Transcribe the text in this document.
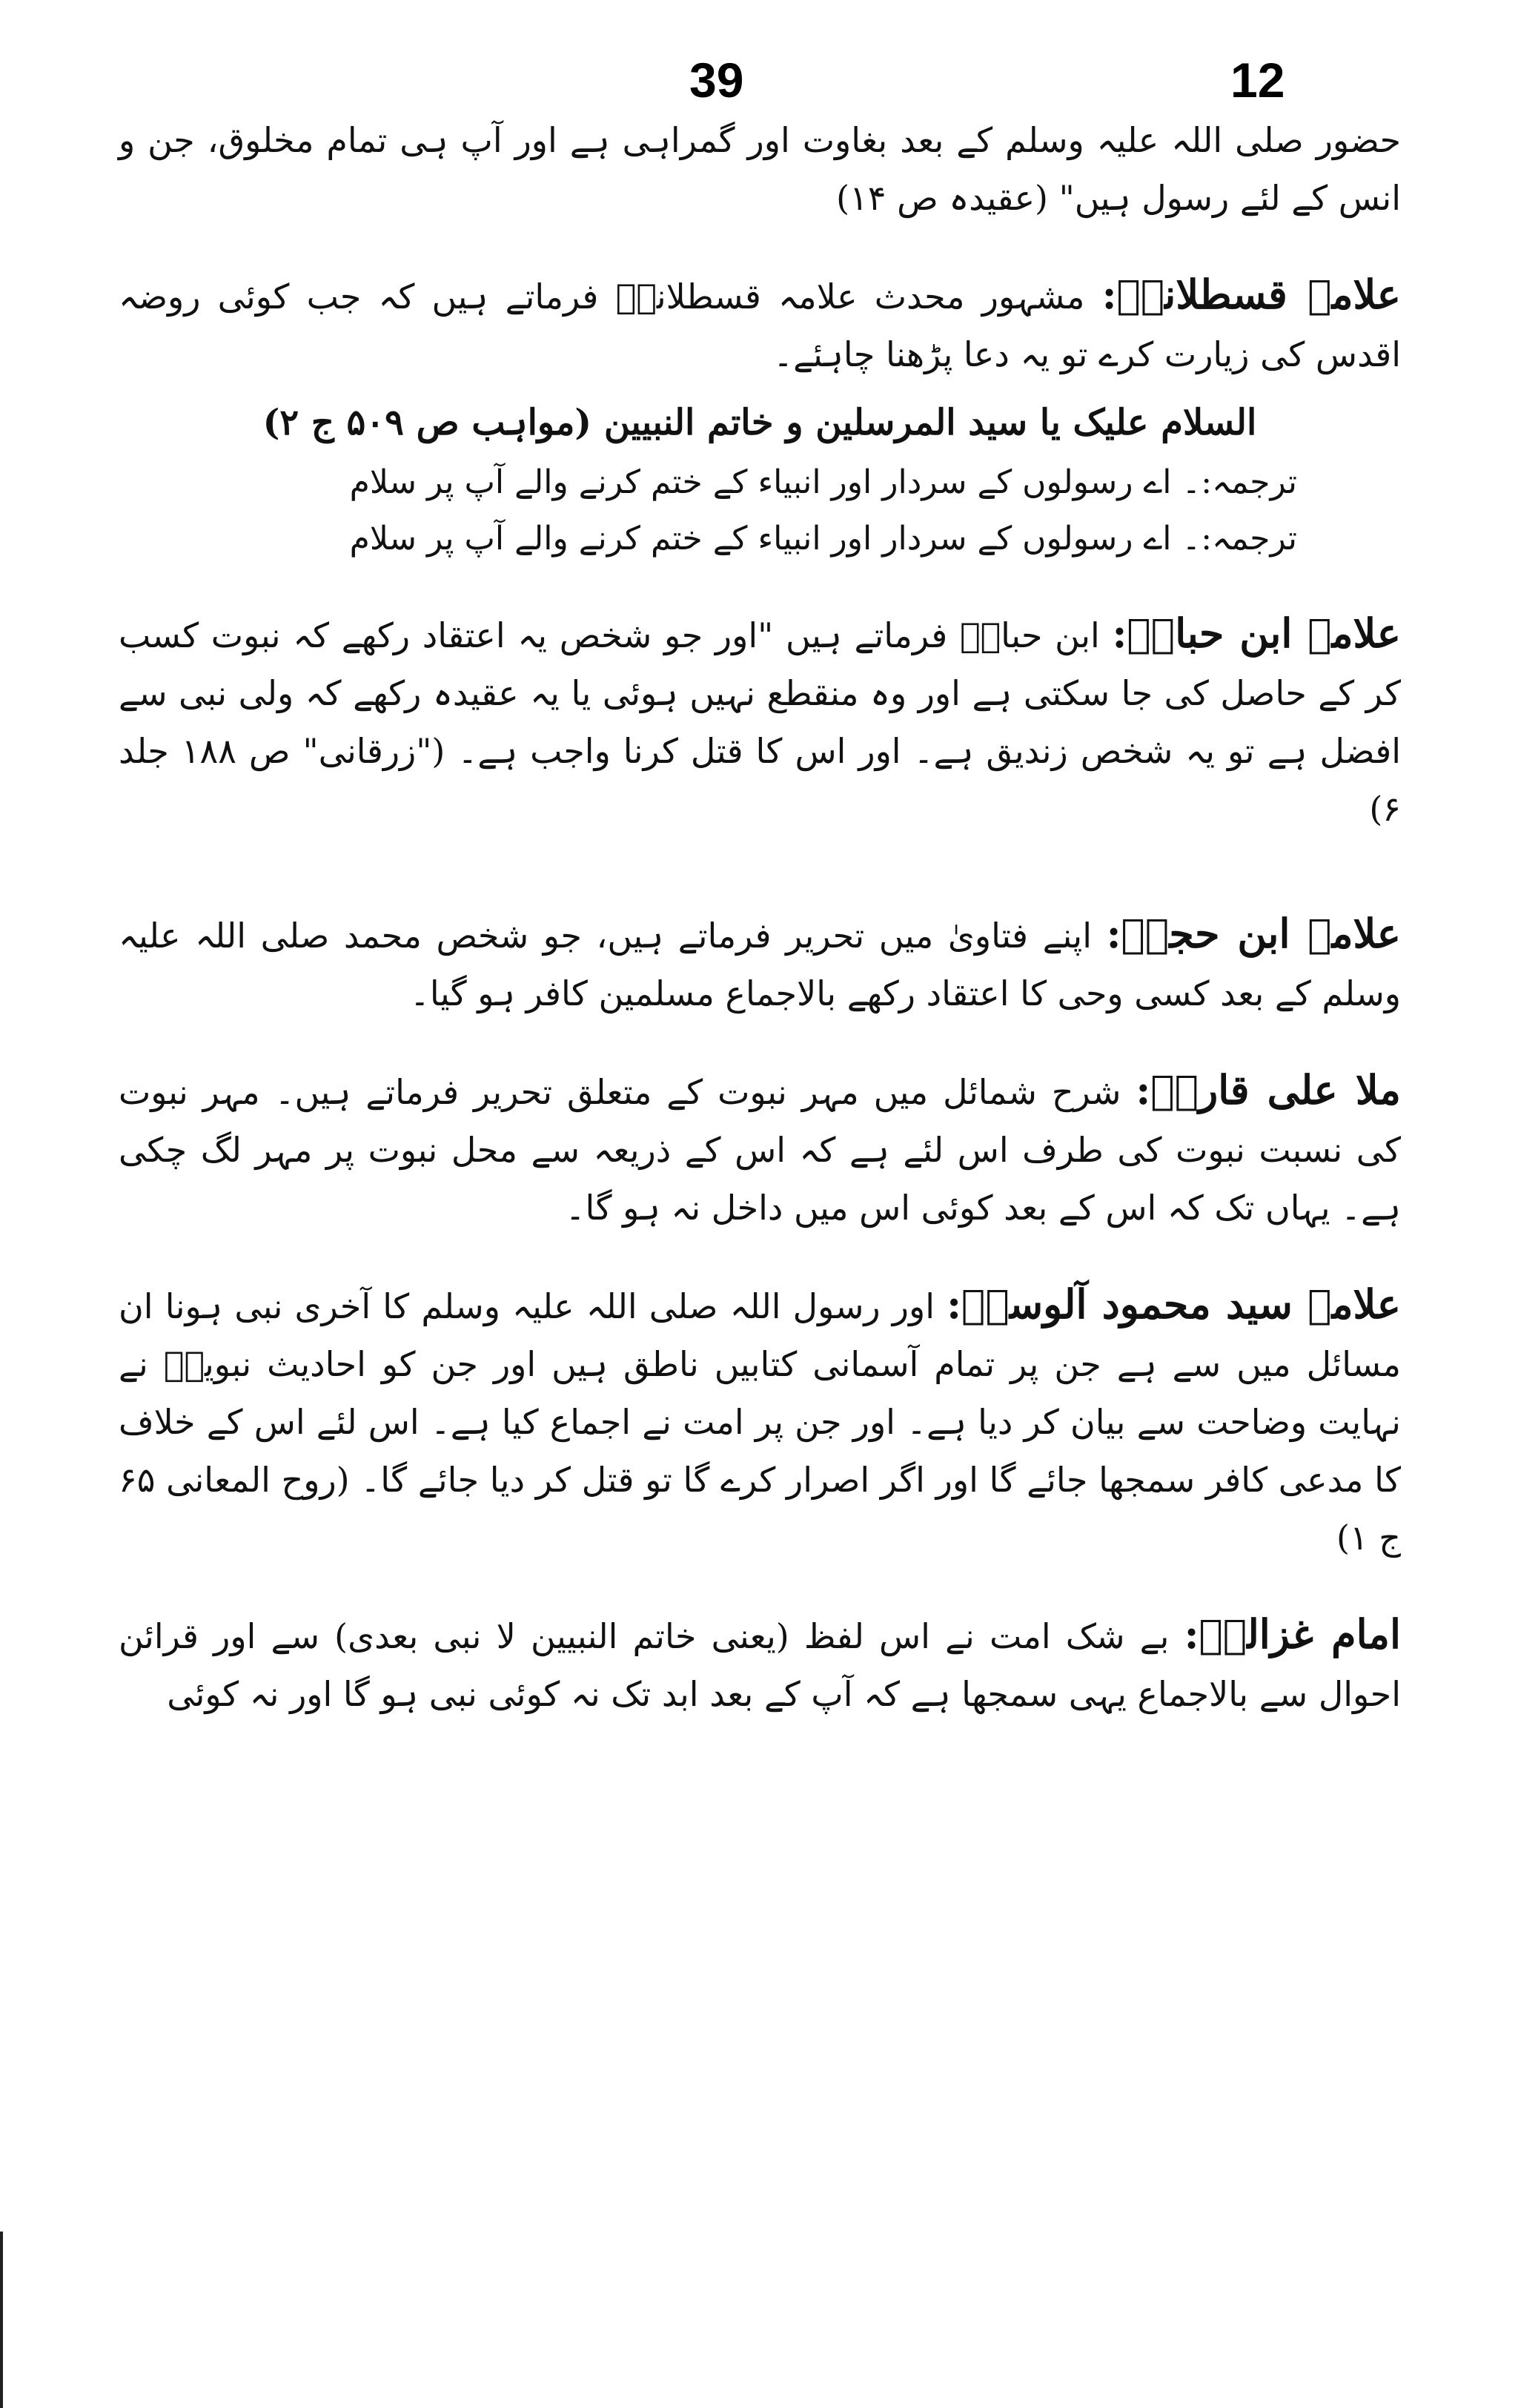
12
39

حضور صلی اللہ علیہ وسلم کے بعد بغاوت اور گمراہی ہے اور آپ ہی تمام مخلوق، جن و انس کے لئے رسول ہیں" (عقیدہ ص ۱۴)

علامہ قسطلانیؒ: مشہور محدث علامہ قسطلانیؒ فرماتے ہیں کہ جب کوئی روضہ اقدس کی زیارت کرے تو یہ دعا پڑھنا چاہئے۔

السلام علیک یا سید المرسلین و خاتم النبیین (مواہب ص ۵۰۹ ج ۲)

ترجمہ:۔ اے رسولوں کے سردار اور انبیاء کے ختم کرنے والے آپ پر سلام

ترجمہ:۔ اے رسولوں کے سردار اور انبیاء کے ختم کرنے والے آپ پر سلام

علامہ ابن حبانؒ: ابن حبانؒ فرماتے ہیں "اور جو شخص یہ اعتقاد رکھے کہ نبوت کسب کر کے حاصل کی جا سکتی ہے اور وہ منقطع نہیں ہوئی یا یہ عقیدہ رکھے کہ ولی نبی سے افضل ہے تو یہ شخص زندیق ہے۔ اور اس کا قتل کرنا واجب ہے۔ ("زرقانی" ص ۱۸۸ جلد ۶)

علامہ ابن حجرؒ: اپنے فتاویٰ میں تحریر فرماتے ہیں، جو شخص محمد صلی اللہ علیہ وسلم کے بعد کسی وحی کا اعتقاد رکھے بالاجماع مسلمین کافر ہو گیا۔

ملا علی قاریؒ: شرح شمائل میں مہر نبوت کے متعلق تحریر فرماتے ہیں۔ مہر نبوت کی نسبت نبوت کی طرف اس لئے ہے کہ اس کے ذریعہ سے محل نبوت پر مہر لگ چکی ہے۔ یہاں تک کہ اس کے بعد کوئی اس میں داخل نہ ہو گا۔

علامہ سید محمود آلوسیؒ: اور رسول اللہ صلی اللہ علیہ وسلم کا آخری نبی ہونا ان مسائل میں سے ہے جن پر تمام آسمانی کتابیں ناطق ہیں اور جن کو احادیث نبویہؐ نے نہایت وضاحت سے بیان کر دیا ہے۔ اور جن پر امت نے اجماع کیا ہے۔ اس لئے اس کے خلاف کا مدعی کافر سمجھا جائے گا اور اگر اصرار کرے گا تو قتل کر دیا جائے گا۔ (روح المعانی ۶۵ ج ۱)

امام غزالیؒ: بے شک امت نے اس لفظ (یعنی خاتم النبیین لا نبی بعدی) سے اور قرائن احوال سے بالاجماع یہی سمجھا ہے کہ آپ کے بعد ابد تک نہ کوئی نبی ہو گا اور نہ کوئی
